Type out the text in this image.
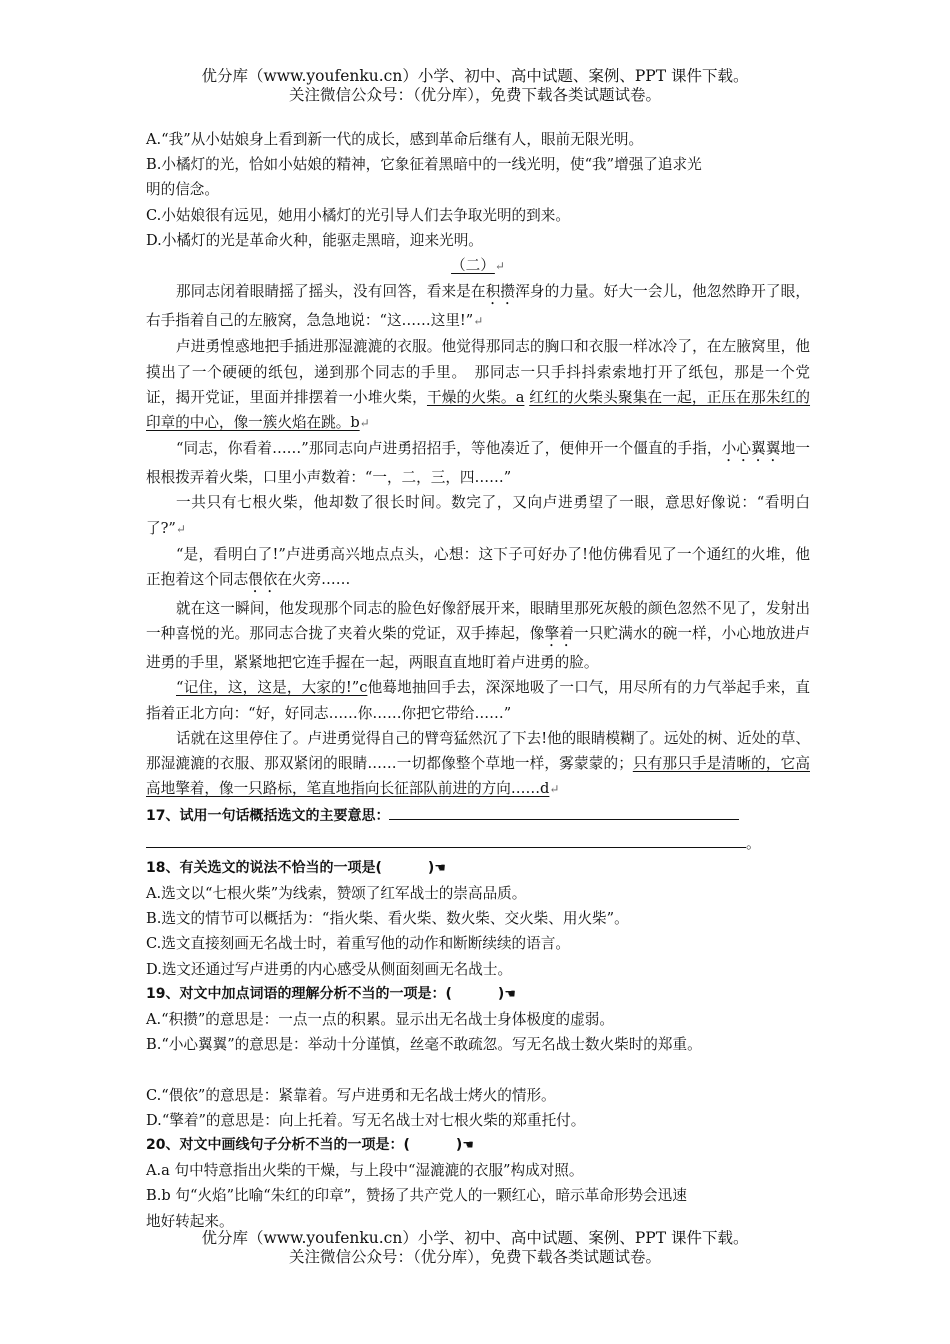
优分库（www.youfenku.cn）小学、初中、高中试题、案例、PPT 课件下载。
关注微信公众号：（优分库），免费下载各类试题试卷。

A.“我”从小姑娘身上看到新一代的成长，感到革命后继有人，眼前无限光明。

B.小橘灯的光，恰如小姑娘的精神，它象征着黑暗中的一线光明，使“我”增强了追求光

明的信念。

C.小姑娘很有远见，她用小橘灯的光引导人们去争取光明的到来。

D.小橘灯的光是革命火种，能驱走黑暗，迎来光明。

（二）↵

那同志闭着眼睛摇了摇头，没有回答，看来是在积攒浑身的力量。好大一会儿，他忽然睁开了眼，右手指着自己的左腋窝，急急地说：“这……这里!”↵

卢进勇惶惑地把手插进那湿漉漉的衣服。他觉得那同志的胸口和衣服一样冰冷了，在左腋窝里，他摸出了一个硬硬的纸包，递到那个同志的手里。　那同志一只手抖抖索索地打开了纸包，那是一个党证，揭开党证，里面并排摆着一小堆火柴，干燥的火柴。a 红红的火柴头聚集在一起，正压在那朱红的印章的中心，像一簇火焰在跳。b↵

“同志，你看着……”那同志向卢进勇招招手，等他凑近了，便伸开一个僵直的手指，小心翼翼地一根根拨弄着火柴，口里小声数着：“一，二，三，四……”

一共只有七根火柴，他却数了很长时间。数完了，又向卢进勇望了一眼，意思好像说：“看明白了?”↵

“是，看明白了!”卢进勇高兴地点点头，心想：这下子可好办了!他仿佛看见了一个通红的火堆，他正抱着这个同志偎依在火旁……

就在这一瞬间，他发现那个同志的脸色好像舒展开来，眼睛里那死灰般的颜色忽然不见了，发射出一种喜悦的光。那同志合拢了夹着火柴的党证，双手捧起，像擎着一只贮满水的碗一样，小心地放进卢进勇的手里，紧紧地把它连手握在一起，两眼直直地盯着卢进勇的脸。

“记住，这，这是，大家的!”c他蓦地抽回手去，深深地吸了一口气，用尽所有的力气举起手来，直指着正北方向：“好，好同志……你……你把它带给……”

话就在这里停住了。卢进勇觉得自己的臂弯猛然沉了下去!他的眼睛模糊了。远处的树、近处的草、那湿漉漉的衣服、那双紧闭的眼睛……一切都像整个草地一样，雾蒙蒙的；只有那只手是清晰的，它高高地擎着，像一只路标，笔直地指向长征部队前进的方向……d↵

17、试用一句话概括选文的主要意思：

。

18、有关选文的说法不恰当的一项是(	)☚

A.选文以“七根火柴”为线索，赞颂了红军战士的崇高品质。

B.选文的情节可以概括为：“指火柴、看火柴、数火柴、交火柴、用火柴”。

C.选文直接刻画无名战士时，着重写他的动作和断断续续的语言。

D.选文还通过写卢进勇的内心感受从侧面刻画无名战士。

19、对文中加点词语的理解分析不当的一项是：(	)☚

A.“积攒”的意思是：一点一点的积累。显示出无名战士身体极度的虚弱。

B.“小心翼翼”的意思是：举动十分谨慎，丝毫不敢疏忽。写无名战士数火柴时的郑重。

C.“偎依”的意思是：紧靠着。写卢进勇和无名战士烤火的情形。

D.“擎着”的意思是：向上托着。写无名战士对七根火柴的郑重托付。

20、对文中画线句子分析不当的一项是：(	)☚

A.a 句中特意指出火柴的干燥，与上段中“湿漉漉的衣服”构成对照。

B.b 句“火焰”比喻“朱红的印章”，赞扬了共产党人的一颗红心，暗示革命形势会迅速

地好转起来。

优分库（www.youfenku.cn）小学、初中、高中试题、案例、PPT 课件下载。
关注微信公众号：（优分库），免费下载各类试题试卷。
